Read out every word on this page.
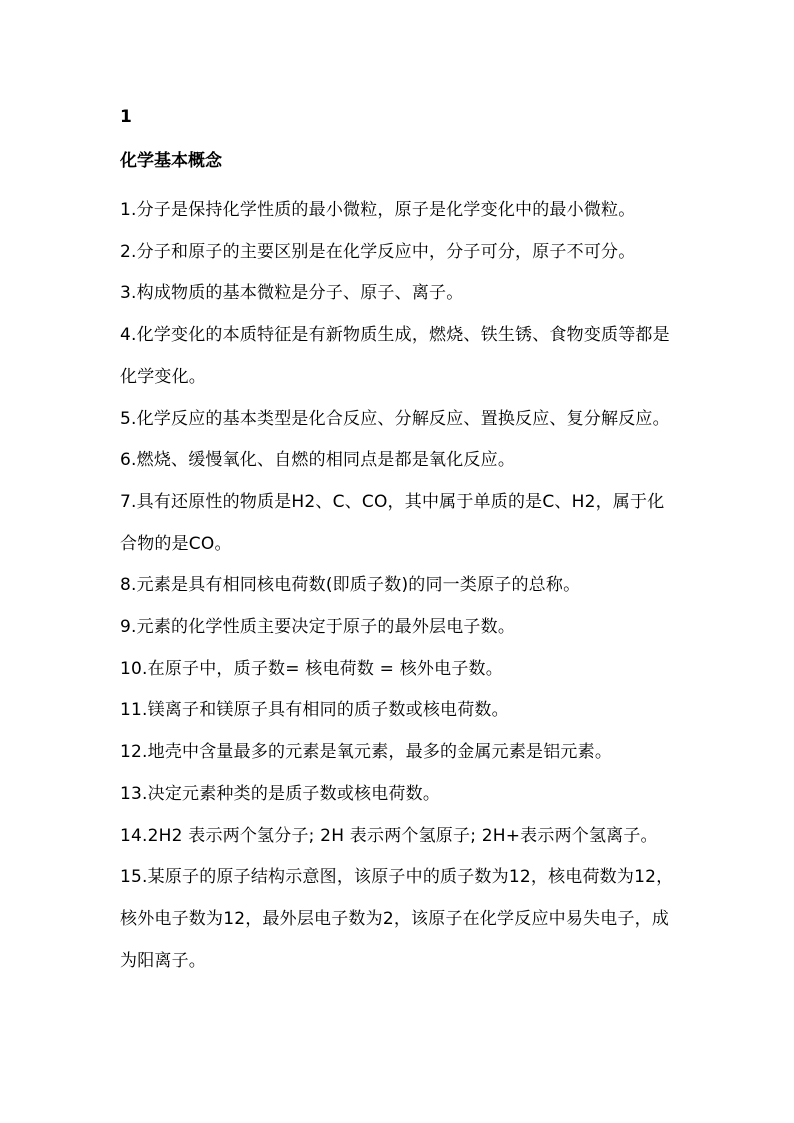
1
化学基本概念

1.分子是保持化学性质的最小微粒，原子是化学变化中的最小微粒。

2.分子和原子的主要区别是在化学反应中，分子可分，原子不可分。

3.构成物质的基本微粒是分子、原子、离子。

4.化学变化的本质特征是有新物质生成，燃烧、铁生锈、食物变质等都是化学变化。

5.化学反应的基本类型是化合反应、分解反应、置换反应、复分解反应。

6.燃烧、缓慢氧化、自燃的相同点是都是氧化反应。

7.具有还原性的物质是H2、C、CO，其中属于单质的是C、H2，属于化合物的是CO。

8.元素是具有相同核电荷数(即质子数)的同一类原子的总称。

9.元素的化学性质主要决定于原子的最外层电子数。

10.在原子中，质子数= 核电荷数 = 核外电子数。

11.镁离子和镁原子具有相同的质子数或核电荷数。

12.地壳中含量最多的元素是氧元素，最多的金属元素是铝元素。

13.决定元素种类的是质子数或核电荷数。

14.2H2 表示两个氢分子; 2H 表示两个氢原子; 2H+表示两个氢离子。

15.某原子的原子结构示意图，该原子中的质子数为12，核电荷数为12，核外电子数为12，最外层电子数为2，该原子在化学反应中易失电子，成为阳离子。
